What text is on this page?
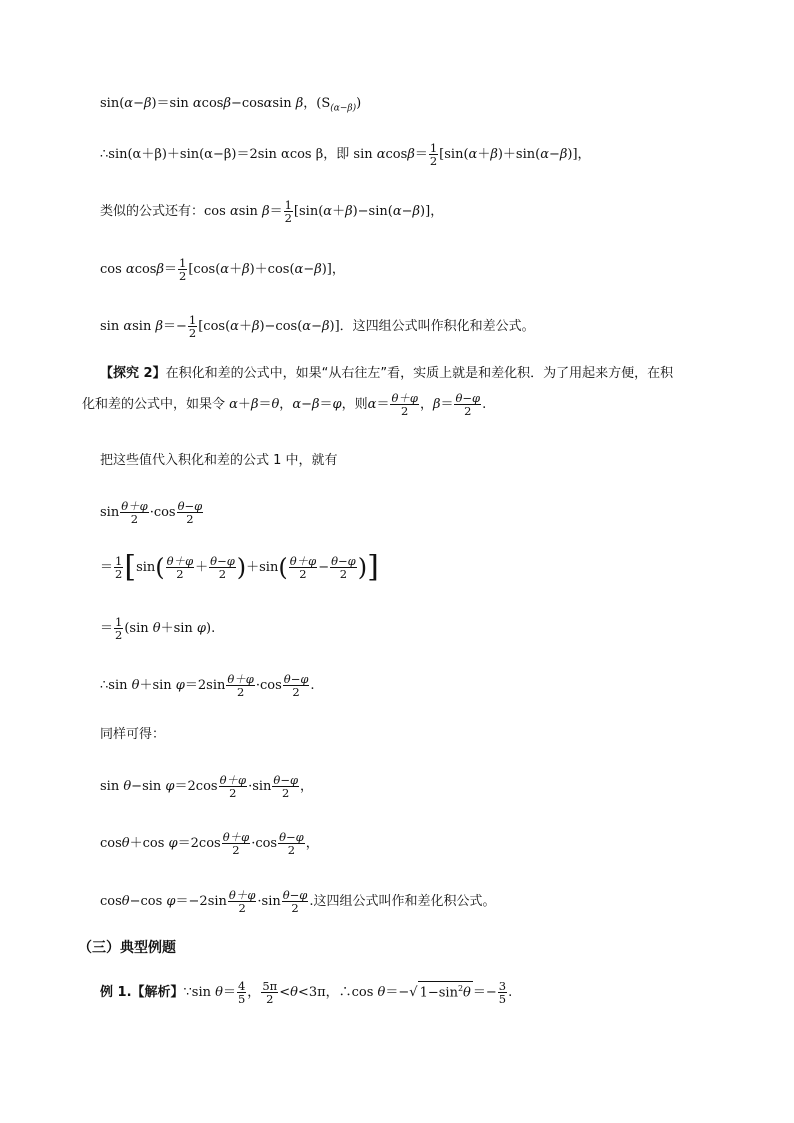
sin(α−β)＝sin αcosβ−cosαsin β，$(S_{(\alpha-\beta)})$
∴sin(α＋β)＋sin(α−β)＝2sin αcos β，即 $\sin \alpha\cos\beta= \frac{1}{2} [\sin(\alpha+\beta)+\sin(\alpha-\beta)]$，
类似的公式还有：cos αsin $\beta= \frac{1}{2} [\sin(\alpha+\beta)-\sin(\alpha-\beta)]$，
$\cos \alpha\cos\beta= \frac{1}{2} [\cos(\alpha+\beta)+\cos(\alpha-\beta)]$，
sin αsin $\beta=- \frac{1}{2} [\cos(\alpha+\beta)-\cos(\alpha-\beta)]$．这四组公式叫作积化和差公式。
【探究 2】在积化和差的公式中，如果“从右往左”看，实质上就是和差化积．为了用起来方便，在积
化和差的公式中，如果令 α＋β＝θ，α−β＝φ，则$\alpha= \frac{\theta+\varphi}{2}$ ，$\beta= \frac{\theta-\varphi}{2}$ .
把这些值代入积化和差的公式 1 中，就有
$\sin \frac{\theta+\varphi}{2} \cdot\cos \frac{\theta-\varphi}{2}$
＝ $\frac{1}{2} [\sin( \frac{\theta+\varphi}{2} + \frac{\theta-\varphi}{2} )+\sin( \frac{\theta+\varphi}{2} - \frac{\theta-\varphi}{2}$ )]
＝ $\frac{1}{2} (\sin$ θ＋sin φ).
∴sin θ＋sin $\varphi=2\sin \frac{\theta+\varphi}{2} \cdot\cos \frac{\theta-\varphi}{2}$ .
同样可得：
sin θ−sin $\varphi=2\cos \frac{\theta+\varphi}{2} \cdot\sin \frac{\theta-\varphi}{2}$ ，
cosθ＋cos $\varphi=2\cos \frac{\theta+\varphi}{2} \cdot\cos \frac{\theta-\varphi}{2}$ ，
cosθ−cos $\varphi=-2\sin \frac{\theta+\varphi}{2} \cdot\sin \frac{\theta-\varphi}{2}$ .这四组公式叫作和差化积公式。
（三）典型例题
例 1.【解析】∵sin $\theta= \frac{4}{5}$ ， $\frac{5\pi}{2} <\theta<3\pi$，∴cos θ＝−√ $1-\sin^2\theta =- \frac{3}{5}$ .
